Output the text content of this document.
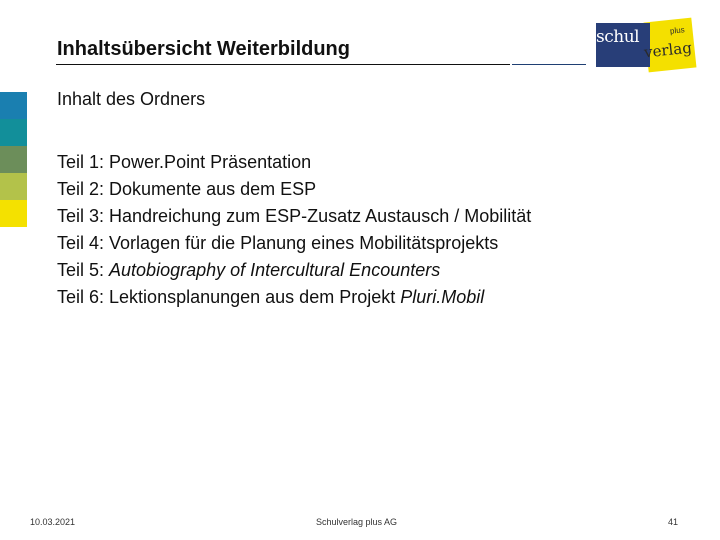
Inhaltsübersicht Weiterbildung
schul
verlag
plus
Inhalt des Ordners
Teil 1: Power.Point Präsentation
Teil 2: Dokumente aus dem ESP
Teil 3: Handreichung zum ESP-Zusatz Austausch / Mobilität
Teil 4: Vorlagen für die Planung eines Mobilitätsprojekts
Teil 5: Autobiography of Intercultural Encounters
Teil 6: Lektionsplanungen aus dem Projekt Pluri.Mobil
10.03.2021	Schulverlag plus AG	41
